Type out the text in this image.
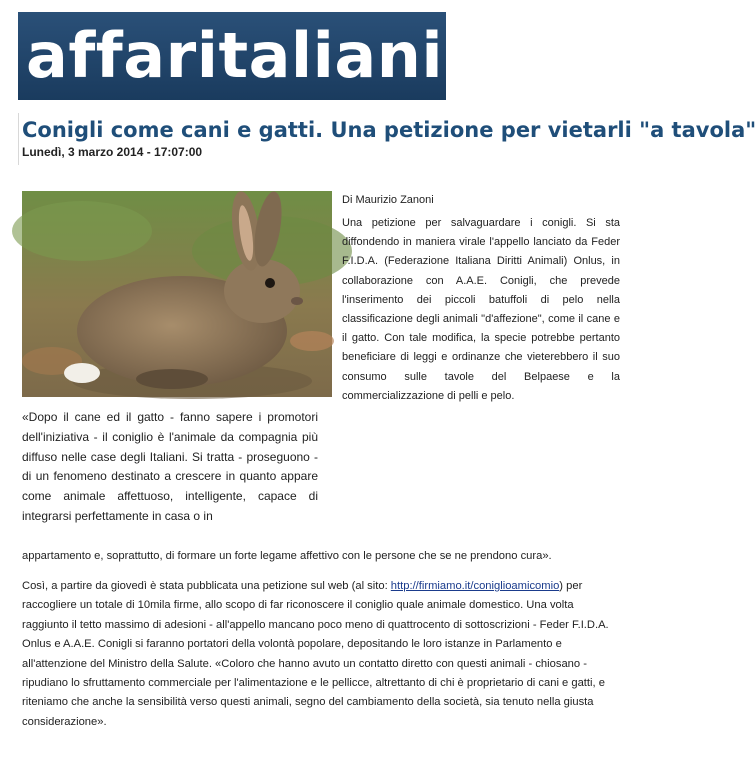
affaritaliani.it
Conigli come cani e gatti. Una petizione per vietarli "a tavola"
Lunedì, 3 marzo 2014 - 17:07:00
Di Maurizio Zanoni

Una petizione per salvaguardare i conigli. Si sta diffondendo in maniera virale l'appello lanciato da Feder F.I.D.A. (Federazione Italiana Diritti Animali) Onlus, in collaborazione con A.A.E. Conigli, che prevede l'inserimento dei piccoli batuffoli di pelo nella classificazione degli animali "d'affezione", come il cane e il gatto. Con tale modifica, la specie potrebbe pertanto beneficiare di leggi e ordinanze che vieterebbero il suo consumo sulle tavole del Belpaese e la commercializzazione di pelli e pelo.

«Dopo il cane ed il gatto - fanno sapere i promotori dell'iniziativa - il coniglio è l'animale da compagnia più diffuso nelle case degli Italiani. Si tratta - proseguono - di un fenomeno destinato a crescere in quanto appare come animale affettuoso, intelligente, capace di integrarsi perfettamente in casa o in

appartamento e, soprattutto, di formare un forte legame affettivo con le persone che se ne prendono cura».

Così, a partire da giovedì è stata pubblicata una petizione sul web (al sito: http://firmiamo.it/coniglioamicomio) per raccogliere un totale di 10mila firme, allo scopo di far riconoscere il coniglio quale animale domestico. Una volta raggiunto il tetto massimo di adesioni - all'appello mancano poco meno di quattrocento di sottoscrizioni - Feder F.I.D.A. Onlus e A.A.E. Conigli si faranno portatori della volontà popolare, depositando le loro istanze in Parlamento e all'attenzione del Ministro della Salute. «Coloro che hanno avuto un contatto diretto con questi animali - chiosano - ripudiano lo sfruttamento commerciale per l'alimentazione e le pellicce, altrettanto di chi è proprietario di cani e gatti, e riteniamo che anche la sensibilità verso questi animali, segno del cambiamento della società, sia tenuto nella giusta considerazione».
